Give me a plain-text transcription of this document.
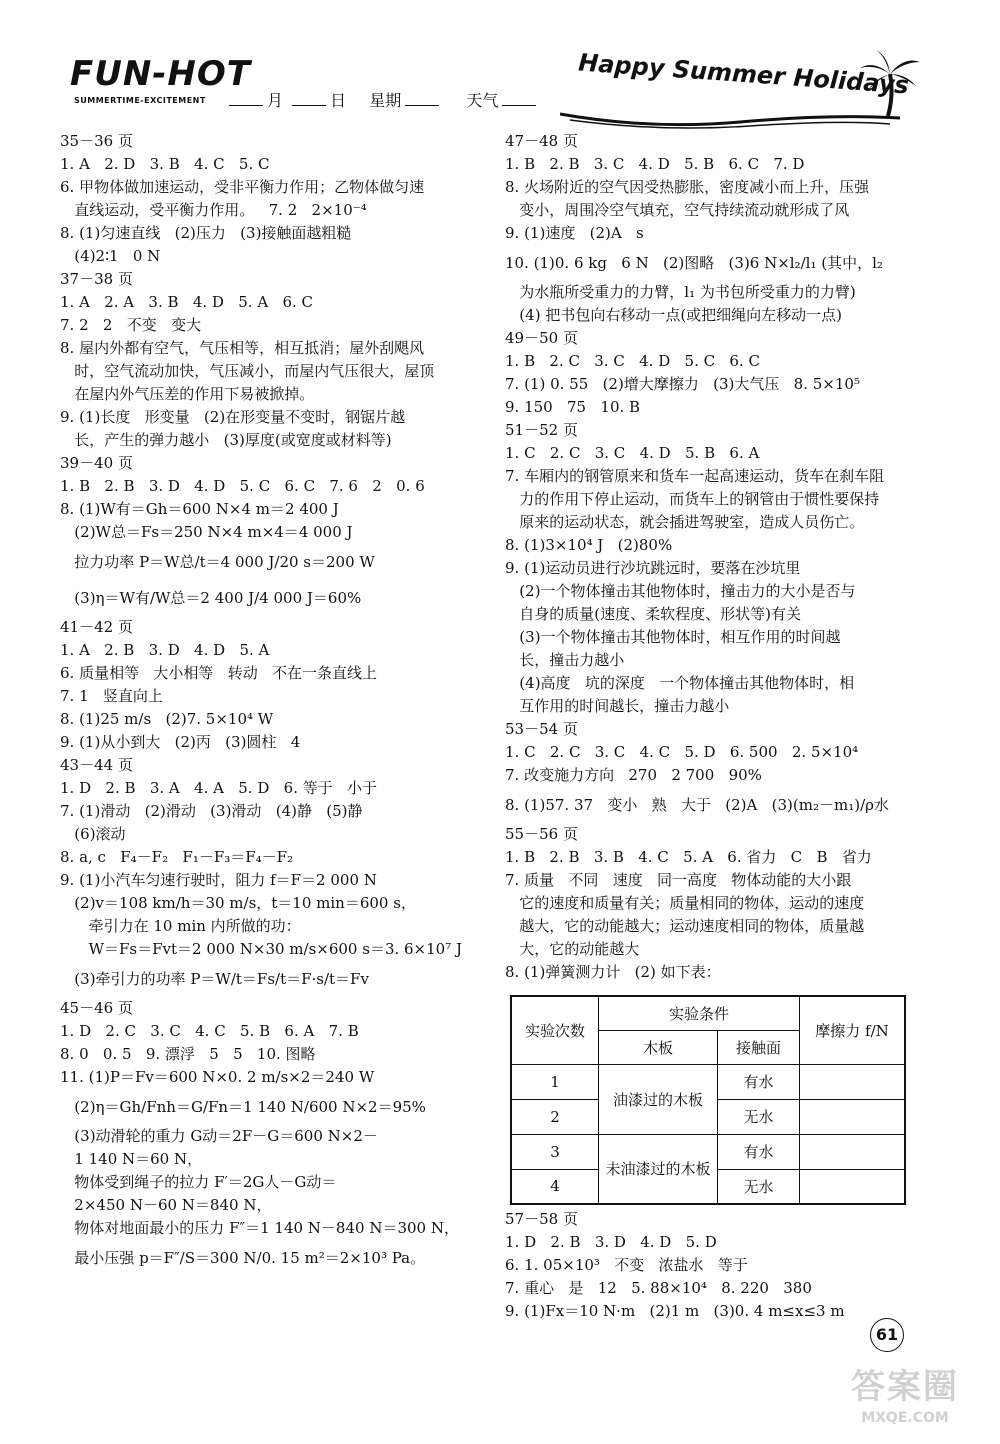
FUN-HOT
SUMMERTIME-EXCITEMENT	月	日 星期	天气
Happy Summer Holidays
35－36 页
1. A   2. D   3. B   4. C   5. C
6. 甲物体做加速运动，受非平衡力作用；乙物体做匀速
直线运动，受平衡力作用。   7. 2   2×10⁻⁴
8. (1)匀速直线   (2)压力   (3)接触面越粗糙
(4)2∶1   0 N
37－38 页
1. A   2. A   3. B   4. D   5. A   6. C
7. 2   2   不变   变大
8. 屋内外都有空气，气压相等，相互抵消；屋外刮飓风
时，空气流动加快，气压减小，而屋内气压很大，屋顶
在屋内外气压差的作用下易被掀掉。
9. (1)长度   形变量   (2)在形变量不变时，钢锯片越
长，产生的弹力越小   (3)厚度(或宽度或材料等)
39－40 页
1. B   2. B   3. D   4. D   5. C   6. C   7. 6   2   0. 6
8. (1)W有＝Gh＝600 N×4 m＝2 400 J
(2)W总＝Fs＝250 N×4 m×4＝4 000 J
拉力功率 P＝W总/t＝4 000 J/20 s＝200 W
(3)η＝W有/W总＝2 400 J/4 000 J＝60%
41－42 页
1. A   2. B   3. D   4. D   5. A
6. 质量相等   大小相等   转动   不在一条直线上
7. 1   竖直向上
8. (1)25 m/s   (2)7. 5×10⁴ W
9. (1)从小到大   (2)丙   (3)圆柱   4
43－44 页
1. D   2. B   3. A   4. A   5. D   6. 等于   小于
7. (1)滑动   (2)滑动   (3)滑动   (4)静   (5)静
(6)滚动
8. a, c   F₄－F₂   F₁－F₃＝F₄－F₂
9. (1)小汽车匀速行驶时，阻力 f＝F＝2 000 N
(2)v＝108 km/h＝30 m/s，t＝10 min＝600 s，
牵引力在 10 min 内所做的功：
W＝Fs＝Fvt＝2 000 N×30 m/s×600 s＝3. 6×10⁷ J
(3)牵引力的功率 P＝W/t＝Fs/t＝F·s/t＝Fv
45－46 页
1. D   2. C   3. C   4. C   5. B   6. A   7. B
8. 0   0. 5   9. 漂浮   5   5   10. 图略
11. (1)P＝Fv＝600 N×0. 2 m/s×2＝240 W
(2)η＝Gh/Fnh＝G/Fn＝1 140 N/600 N×2＝95%
(3)动滑轮的重力 G动＝2F－G＝600 N×2－
1 140 N＝60 N，
物体受到绳子的拉力 F′＝2G人－G动＝
2×450 N－60 N＝840 N，
物体对地面最小的压力 F″＝1 140 N－840 N＝300 N，
最小压强 p＝F″/S＝300 N/0. 15 m²＝2×10³ Pa。
47－48 页
1. B   2. B   3. C   4. D   5. B   6. C   7. D
8. 火场附近的空气因受热膨胀，密度减小而上升，压强
变小，周围冷空气填充，空气持续流动就形成了风
9. (1)速度   (2)A   s
10. (1)0. 6 kg   6 N   (2)图略   (3)6 N×l₂/l₁ (其中，l₂
为水瓶所受重力的力臂，l₁ 为书包所受重力的力臂)
(4) 把书包向右移动一点(或把细绳向左移动一点)
49－50 页
1. B   2. C   3. C   4. D   5. C   6. C
7. (1) 0. 55   (2)增大摩擦力   (3)大气压   8. 5×10⁵
9. 150   75   10. B
51－52 页
1. C   2. C   3. C   4. D   5. B   6. A
7. 车厢内的钢管原来和货车一起高速运动，货车在刹车阻
力的作用下停止运动，而货车上的钢管由于惯性要保持
原来的运动状态，就会插进驾驶室，造成人员伤亡。
8. (1)3×10⁴ J   (2)80%
9. (1)运动员进行沙坑跳远时，要落在沙坑里
(2)一个物体撞击其他物体时，撞击力的大小是否与
自身的质量(速度、柔软程度、形状等)有关
(3)一个物体撞击其他物体时，相互作用的时间越
长，撞击力越小
(4)高度   坑的深度   一个物体撞击其他物体时，相
互作用的时间越长，撞击力越小
53－54 页
1. C   2. C   3. C   4. C   5. D   6. 500   2. 5×10⁴
7. 改变施力方向   270   2 700   90%
8. (1)57. 37   变小   熟   大于   (2)A   (3)(m₂－m₁)/ρ水
55－56 页
1. B   2. B   3. B   4. C   5. A   6. 省力   C   B   省力
7. 质量   不同   速度   同一高度   物体动能的大小跟
它的速度和质量有关；质量相同的物体，运动的速度
越大，它的动能越大；运动速度相同的物体，质量越
大，它的动能越大
8. (1)弹簧测力计   (2) 如下表：
实验次数	实验条件		摩擦力 f/N
	木板	接触面	
1	油漆过的木板	有水	
2		无水	
3	未油漆过的木板	有水	
4		无水	
57－58 页
1. D   2. B   3. D   4. D   5. D
6. 1. 05×10³   不变   浓盐水   等于
7. 重心   是   12   5. 88×10⁴   8. 220   380
9. (1)Fx＝10 N·m   (2)1 m   (3)0. 4 m≤x≤3 m
61
答案圈
MXQE.COM
